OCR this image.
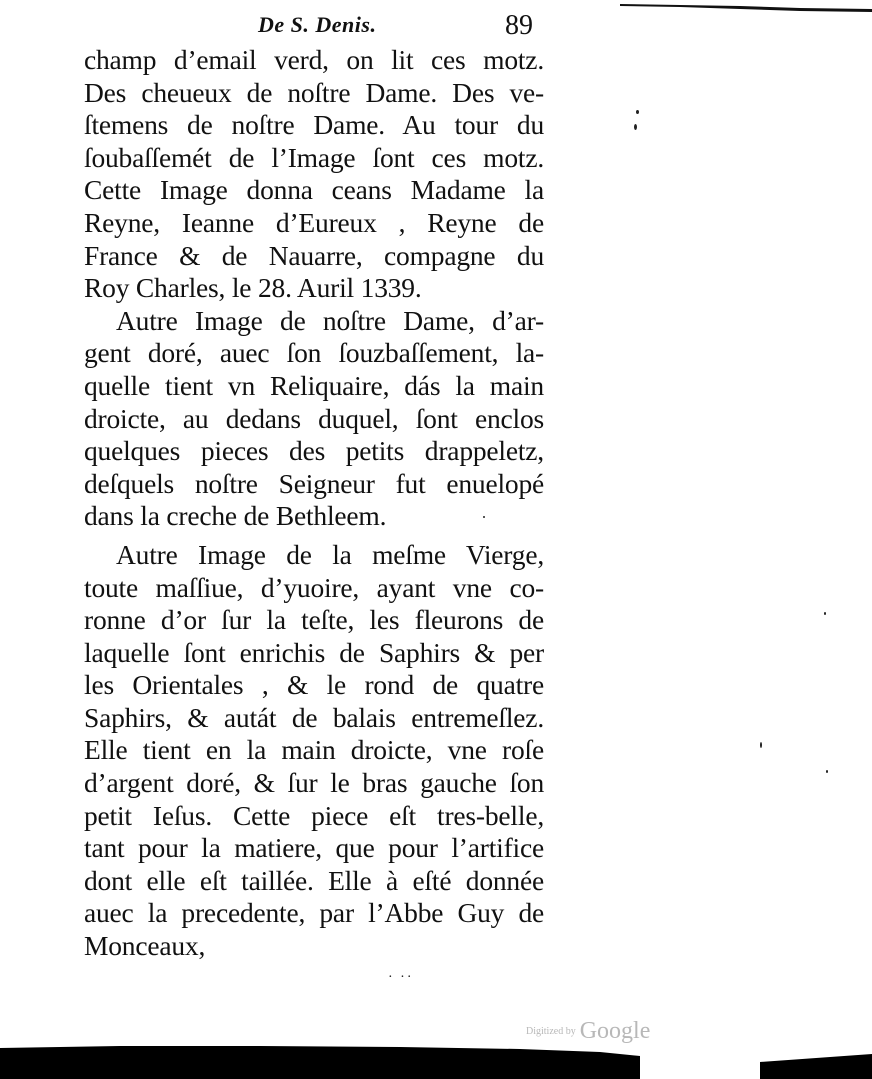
De S. Denis.	89
champ d’email verd, on lit ces motz.
Des cheueux de noſtre Dame. Des ve-
ſtemens de noſtre Dame. Au tour du
ſoubaſſemét de l’Image ſont ces motz.
Cette Image donna ceans Madame la
Reyne, Ieanne d’Eureux , Reyne de
France & de Nauarre, compagne du
Roy Charles, le 28. Auril 1339.
Autre Image de noſtre Dame, d’ar-
gent doré, auec ſon ſouzbaſſement, la-
quelle tient vn Reliquaire, dás la main
droicte, au dedans duquel, ſont enclos
quelques pieces des petits drappeletz,
deſquels noſtre Seigneur fut enuelopé
dans la creche de Bethleem.
Autre Image de la meſme Vierge,
toute maſſiue, d’yuoire, ayant vne co-
ronne d’or ſur la teſte, les fleurons de
laquelle ſont enrichis de Saphirs & per
les Orientales , & le rond de quatre
Saphirs, & autát de balais entremeſlez.
Elle tient en la main droicte, vne roſe
d’argent doré, & ſur le bras gauche ſon
petit Ieſus. Cette piece eſt tres-belle,
tant pour la matiere, que pour l’artifice
dont elle eſt taillée. Elle à eſté donnée
auec la precedente, par l’Abbe Guy de
Monceaux,
· ··
Digitized by Google
